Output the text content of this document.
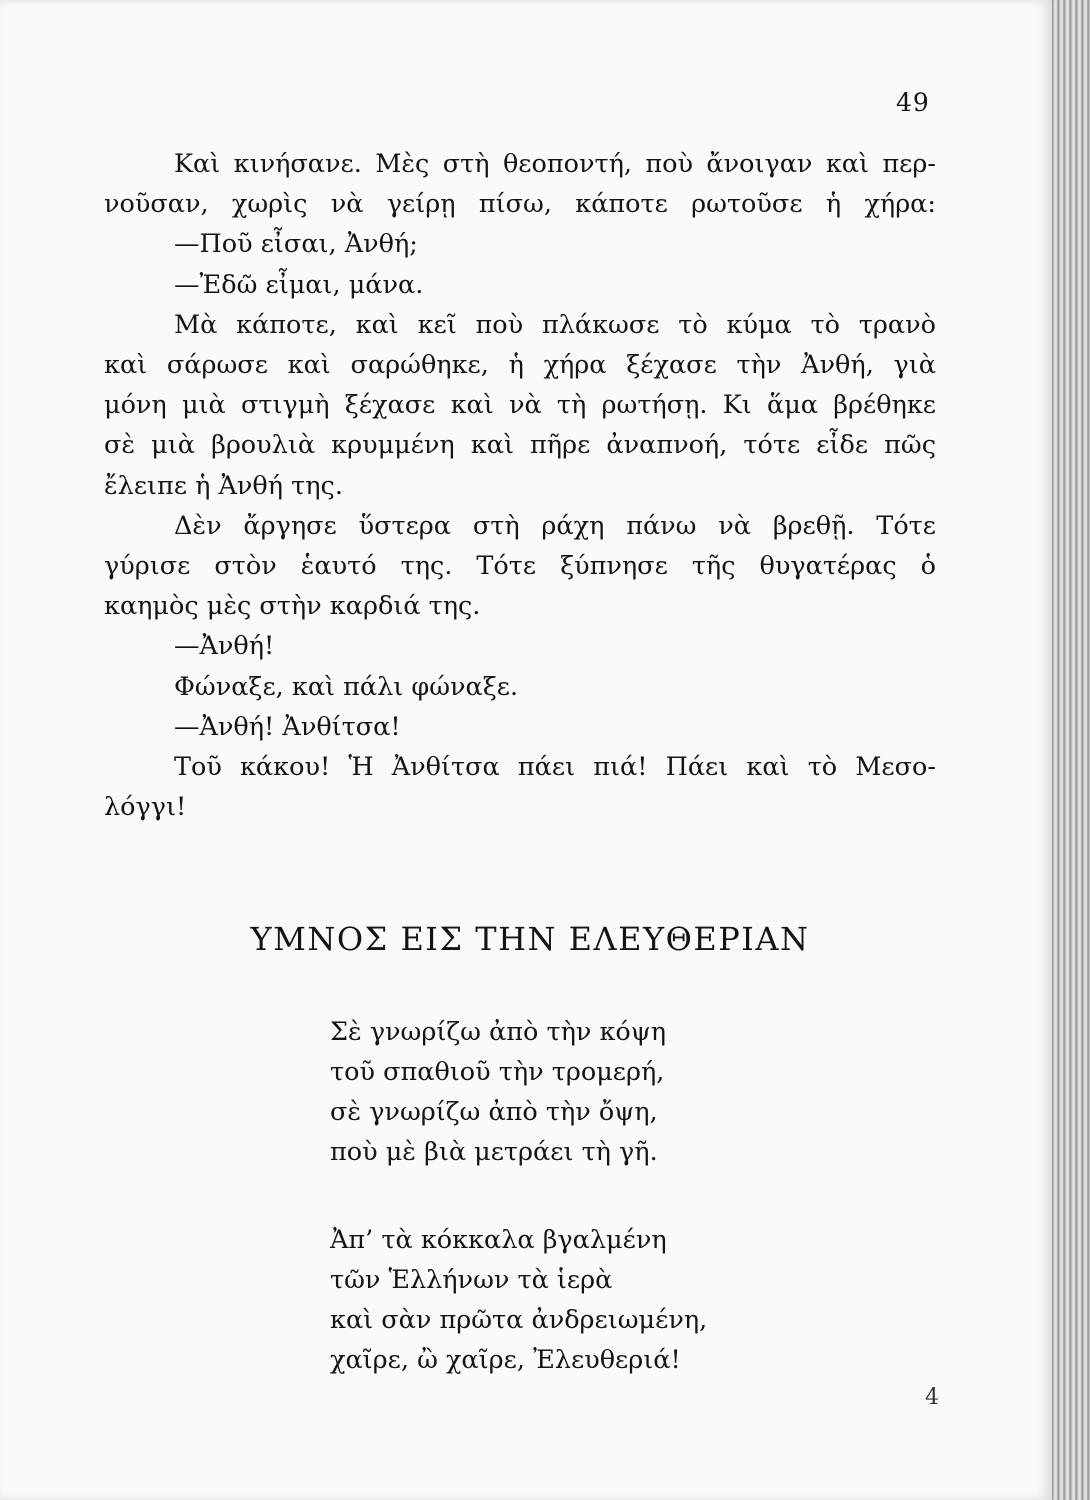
49

Καὶ κινήσανε. Μὲς στὴ θεοποντή, ποὺ ἄνοιγαν καὶ περ-

νοῦσαν, χωρὶς νὰ γείρῃ πίσω, κάποτε ρωτοῦσε ἡ χήρα:

—Ποῦ εἶσαι, Ἀνθή;

—Ἐδῶ εἶμαι, μάνα.

Μὰ κάποτε, καὶ κεῖ ποὺ πλάκωσε τὸ κύμα τὸ τρανὸ

καὶ σάρωσε καὶ σαρώθηκε, ἡ χήρα ξέχασε τὴν Ἀνθή, γιὰ

μόνη μιὰ στιγμὴ ξέχασε καὶ νὰ τὴ ρωτήσῃ. Κι ἅμα βρέθηκε

σὲ μιὰ βρουλιὰ κρυμμένη καὶ πῆρε ἀναπνοή, τότε εἶδε πῶς

ἔλειπε ἡ Ἀνθή της.

Δὲν ἄργησε ὕστερα στὴ ράχη πάνω νὰ βρεθῇ. Τότε

γύρισε στὸν ἑαυτό της. Τότε ξύπνησε τῆς θυγατέρας ὁ

καημὸς μὲς στὴν καρδιά της.

—Ἀνθή!

Φώναξε, καὶ πάλι φώναξε.

—Ἀνθή! Ἀνθίτσα!

Τοῦ κάκου! Ἡ Ἀνθίτσα πάει πιά! Πάει καὶ τὸ Μεσο-

λόγγι!

ΥΜΝΟΣ ΕΙΣ ΤΗΝ ΕΛΕΥΘΕΡΙΑΝ

Σὲ γνωρίζω ἀπὸ τὴν κόψη

τοῦ σπαθιοῦ τὴν τρομερή,

σὲ γνωρίζω ἀπὸ τὴν ὄψη,

ποὺ μὲ βιὰ μετράει τὴ γῆ.

Ἀπ’ τὰ κόκκαλα βγαλμένη

τῶν Ἑλλήνων τὰ ἱερὰ

καὶ σὰν πρῶτα ἀνδρειωμένη,

χαῖρε, ὢ χαῖρε, Ἐλευθεριά!

4
